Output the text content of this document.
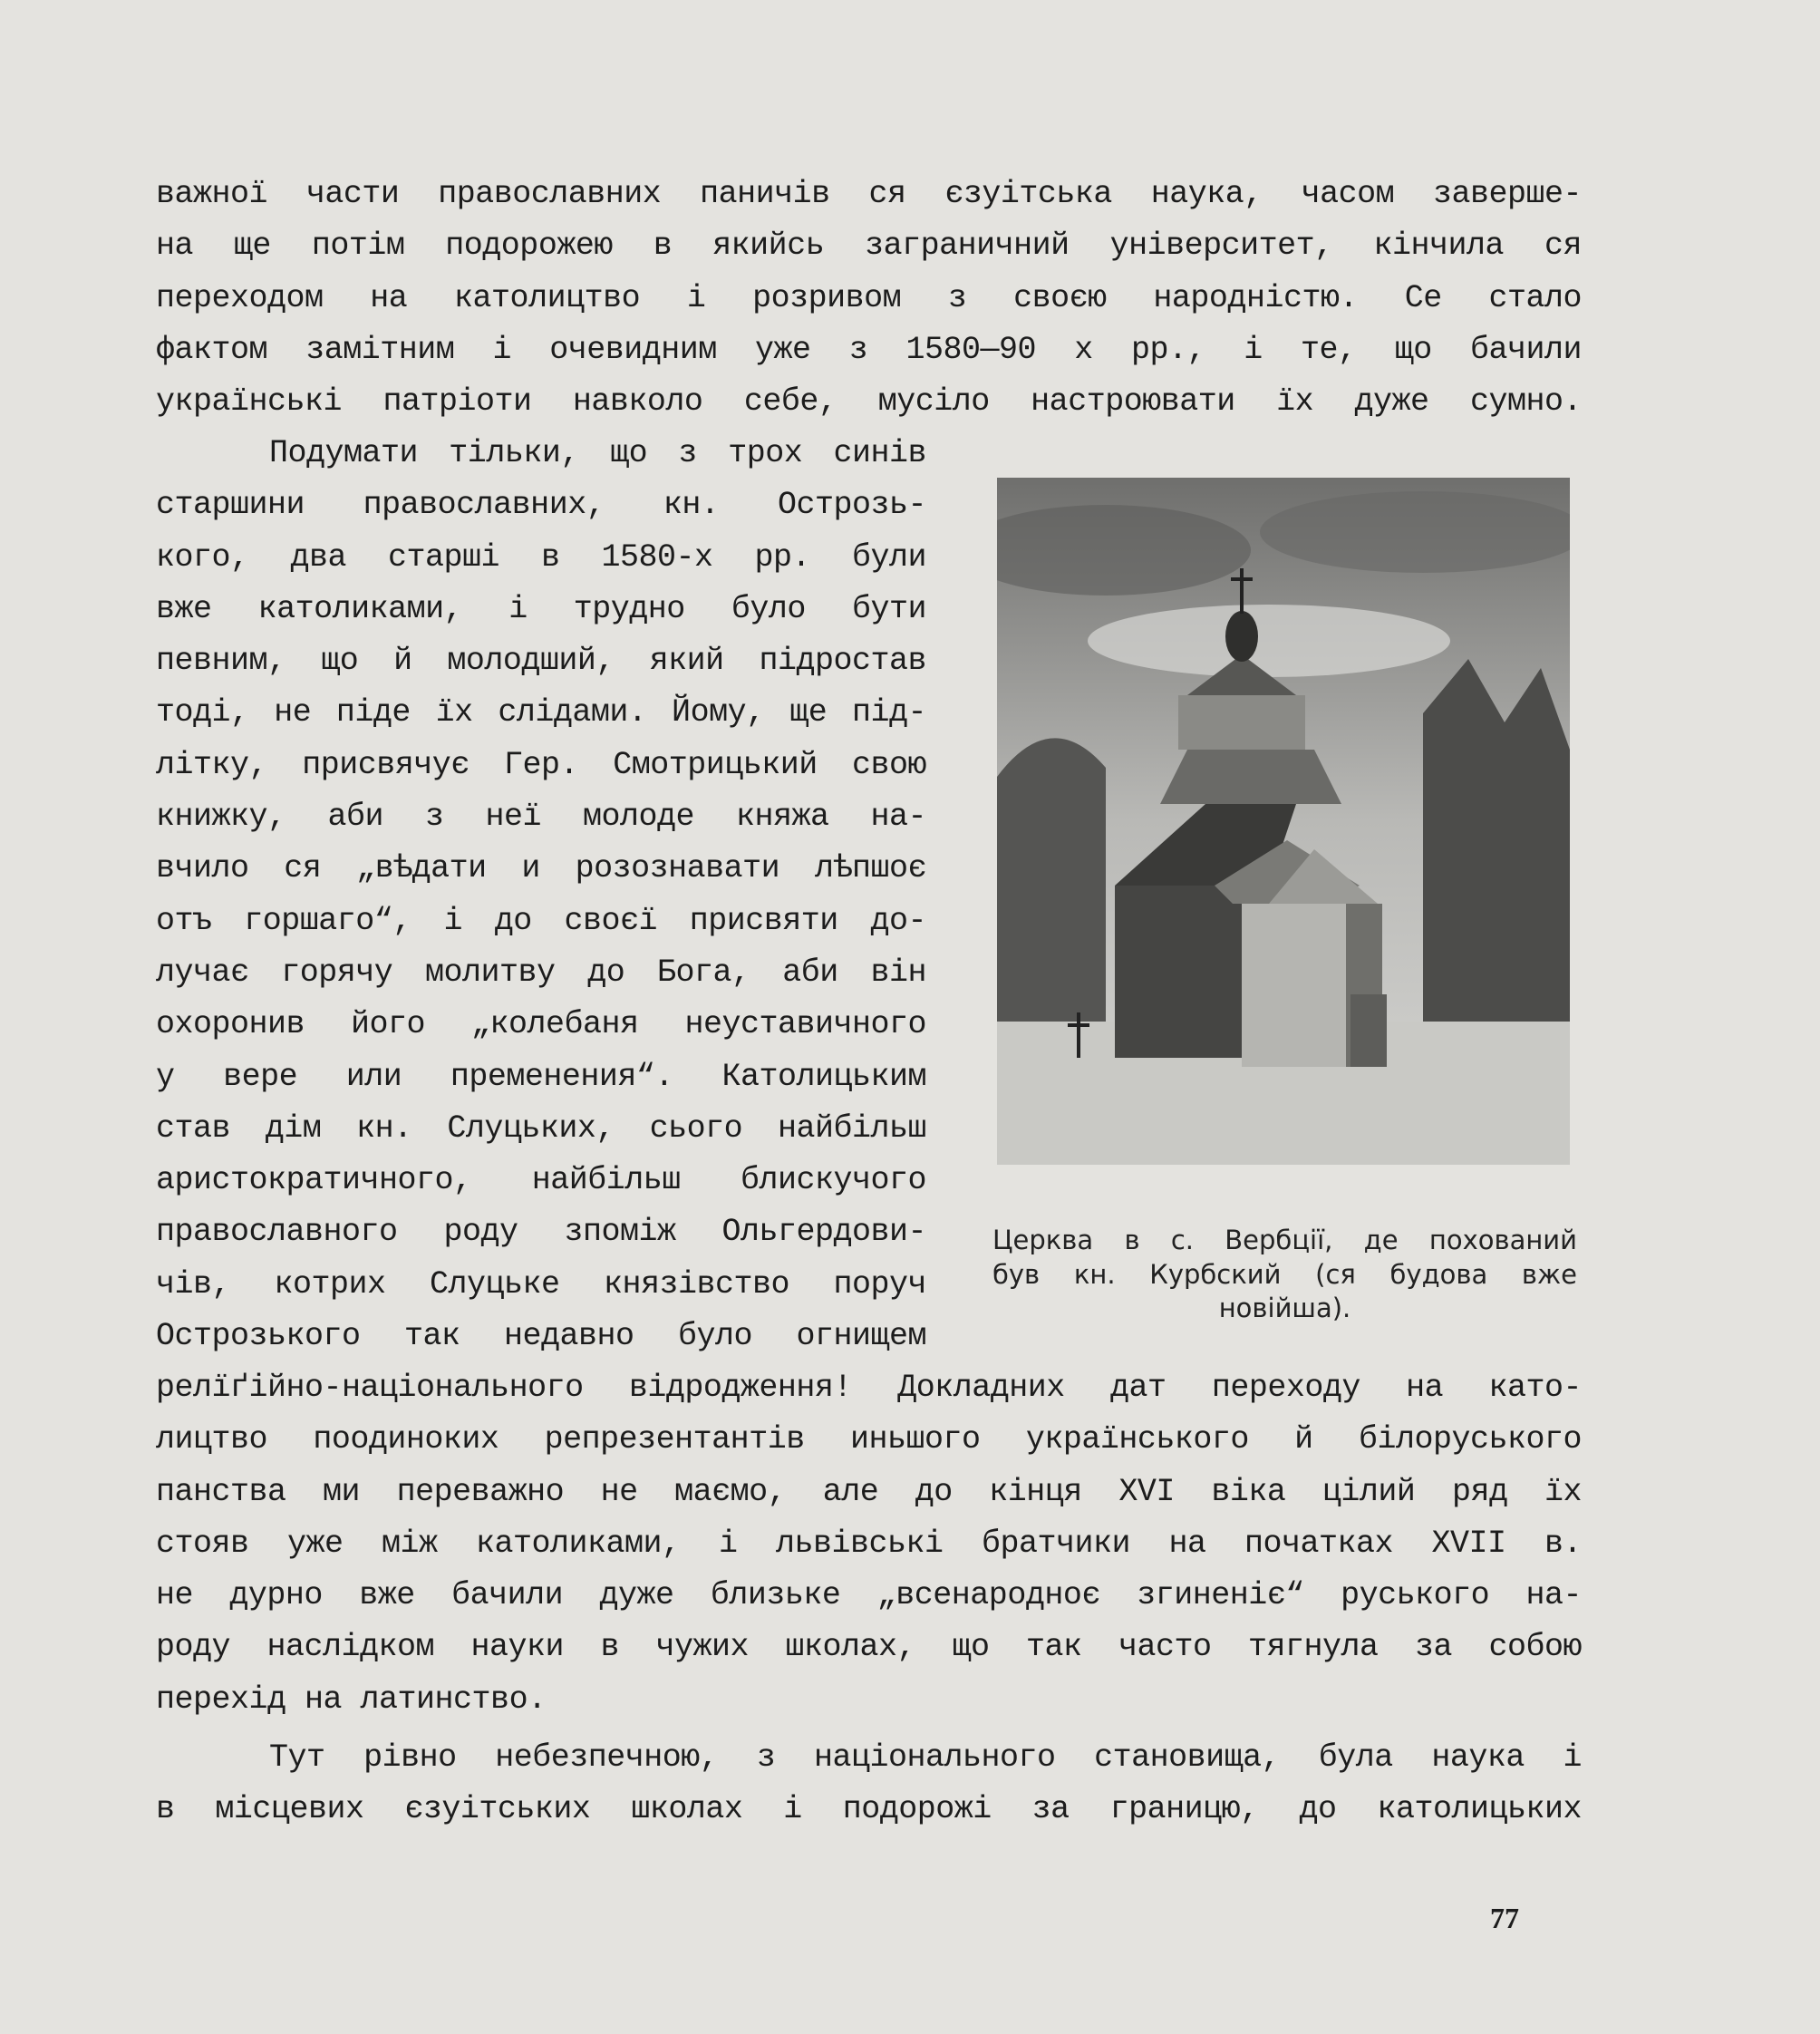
важної части православних паничів ся єзуітська наука, часом заверше-
на ще потім подорожею в якийсь заграничний університет, кінчила ся
переходом на католицтво і розривом з своєю народністю. Се стало
фактом замітним і очевидним уже з 1580—90 х рр., і те, що бачили
українські патріоти навколо себе, мусіло настроювати їх дуже сумно.
Подумати тільки, що з трох синів
старшини православних, кн. Острозь-
кого, два старші в 1580-х рр. були
вже католиками, і трудно було бути
певним, що й молодший, який підростав
тоді, не піде їх слідами. Йому, ще під-
літку, присвячує Гер. Смотрицький свою
книжку, аби з неї молоде княжа на-
вчило ся „вѣдати и розознавати лѣпшоє
отъ горшаго“, і до своєї присвяти до-
лучає горячу молитву до Бога, аби він
охоронив його „колебаня неуставичного
у вере или пременения“. Католицьким
став дім кн. Слуцьких, сього найбільш
аристократичного, найбільш блискучого
православного роду зпоміж Ольгердови-
чів, котрих Слуцьке князівство поруч
Острозького так недавно було огнищем
релїґійно-національного відродження! Докладних дат переходу на като-
лицтво поодиноких репрезентантів иньшого українського й білоруського
панства ми переважно не маємо, але до кінця XVI віка цілий ряд їх
стояв уже між католиками, і львівські братчики на початках XVII в.
не дурно вже бачили дуже близьке „всенародноє згиненіє“ руського на-
роду наслідком науки в чужих школах, що так часто тягнула за собою
перехід на латинство.
Тут рівно небезпечною, з національного становища, була наука і
в місцевих єзуітських школах і подорожі за границю, до католицьких
Церква в с. Вербції, де похований
був кн. Курбский (ся будова вже
новійша).
77
